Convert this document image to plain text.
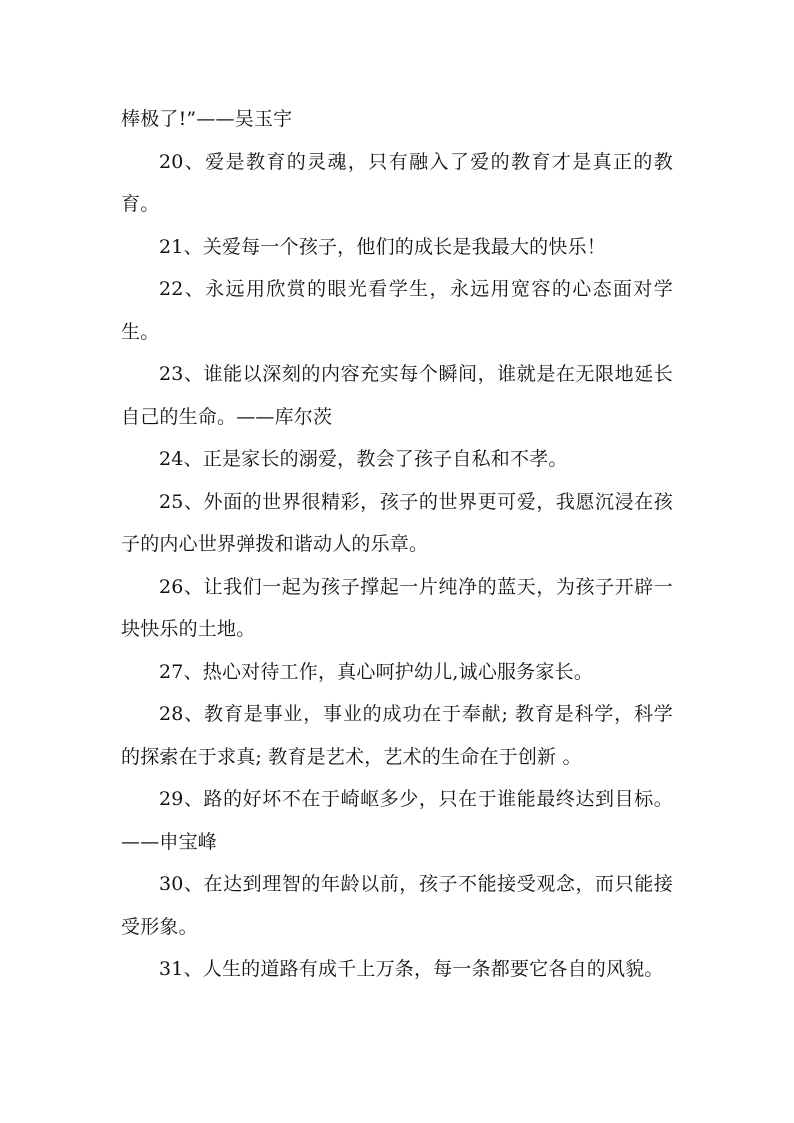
棒极了!”——吴玉宇

20、爱是教育的灵魂，只有融入了爱的教育才是真正的教育。

21、关爱每一个孩子，他们的成长是我最大的快乐！

22、永远用欣赏的眼光看学生，永远用宽容的心态面对学生。

23、谁能以深刻的内容充实每个瞬间，谁就是在无限地延长自己的生命。——库尔茨

24、正是家长的溺爱，教会了孩子自私和不孝。

25、外面的世界很精彩，孩子的世界更可爱，我愿沉浸在孩子的内心世界弹拨和谐动人的乐章。

26、让我们一起为孩子撑起一片纯净的蓝天，为孩子开辟一块快乐的土地。

27、热心对待工作，真心呵护幼儿,诚心服务家长。

28、教育是事业，事业的成功在于奉献; 教育是科学，科学的探索在于求真; 教育是艺术，艺术的生命在于创新 。

29、路的好坏不在于崎岖多少，只在于谁能最终达到目标。——申宝峰

30、在达到理智的年龄以前，孩子不能接受观念，而只能接受形象。

31、人生的道路有成千上万条，每一条都要它各自的风貌。
